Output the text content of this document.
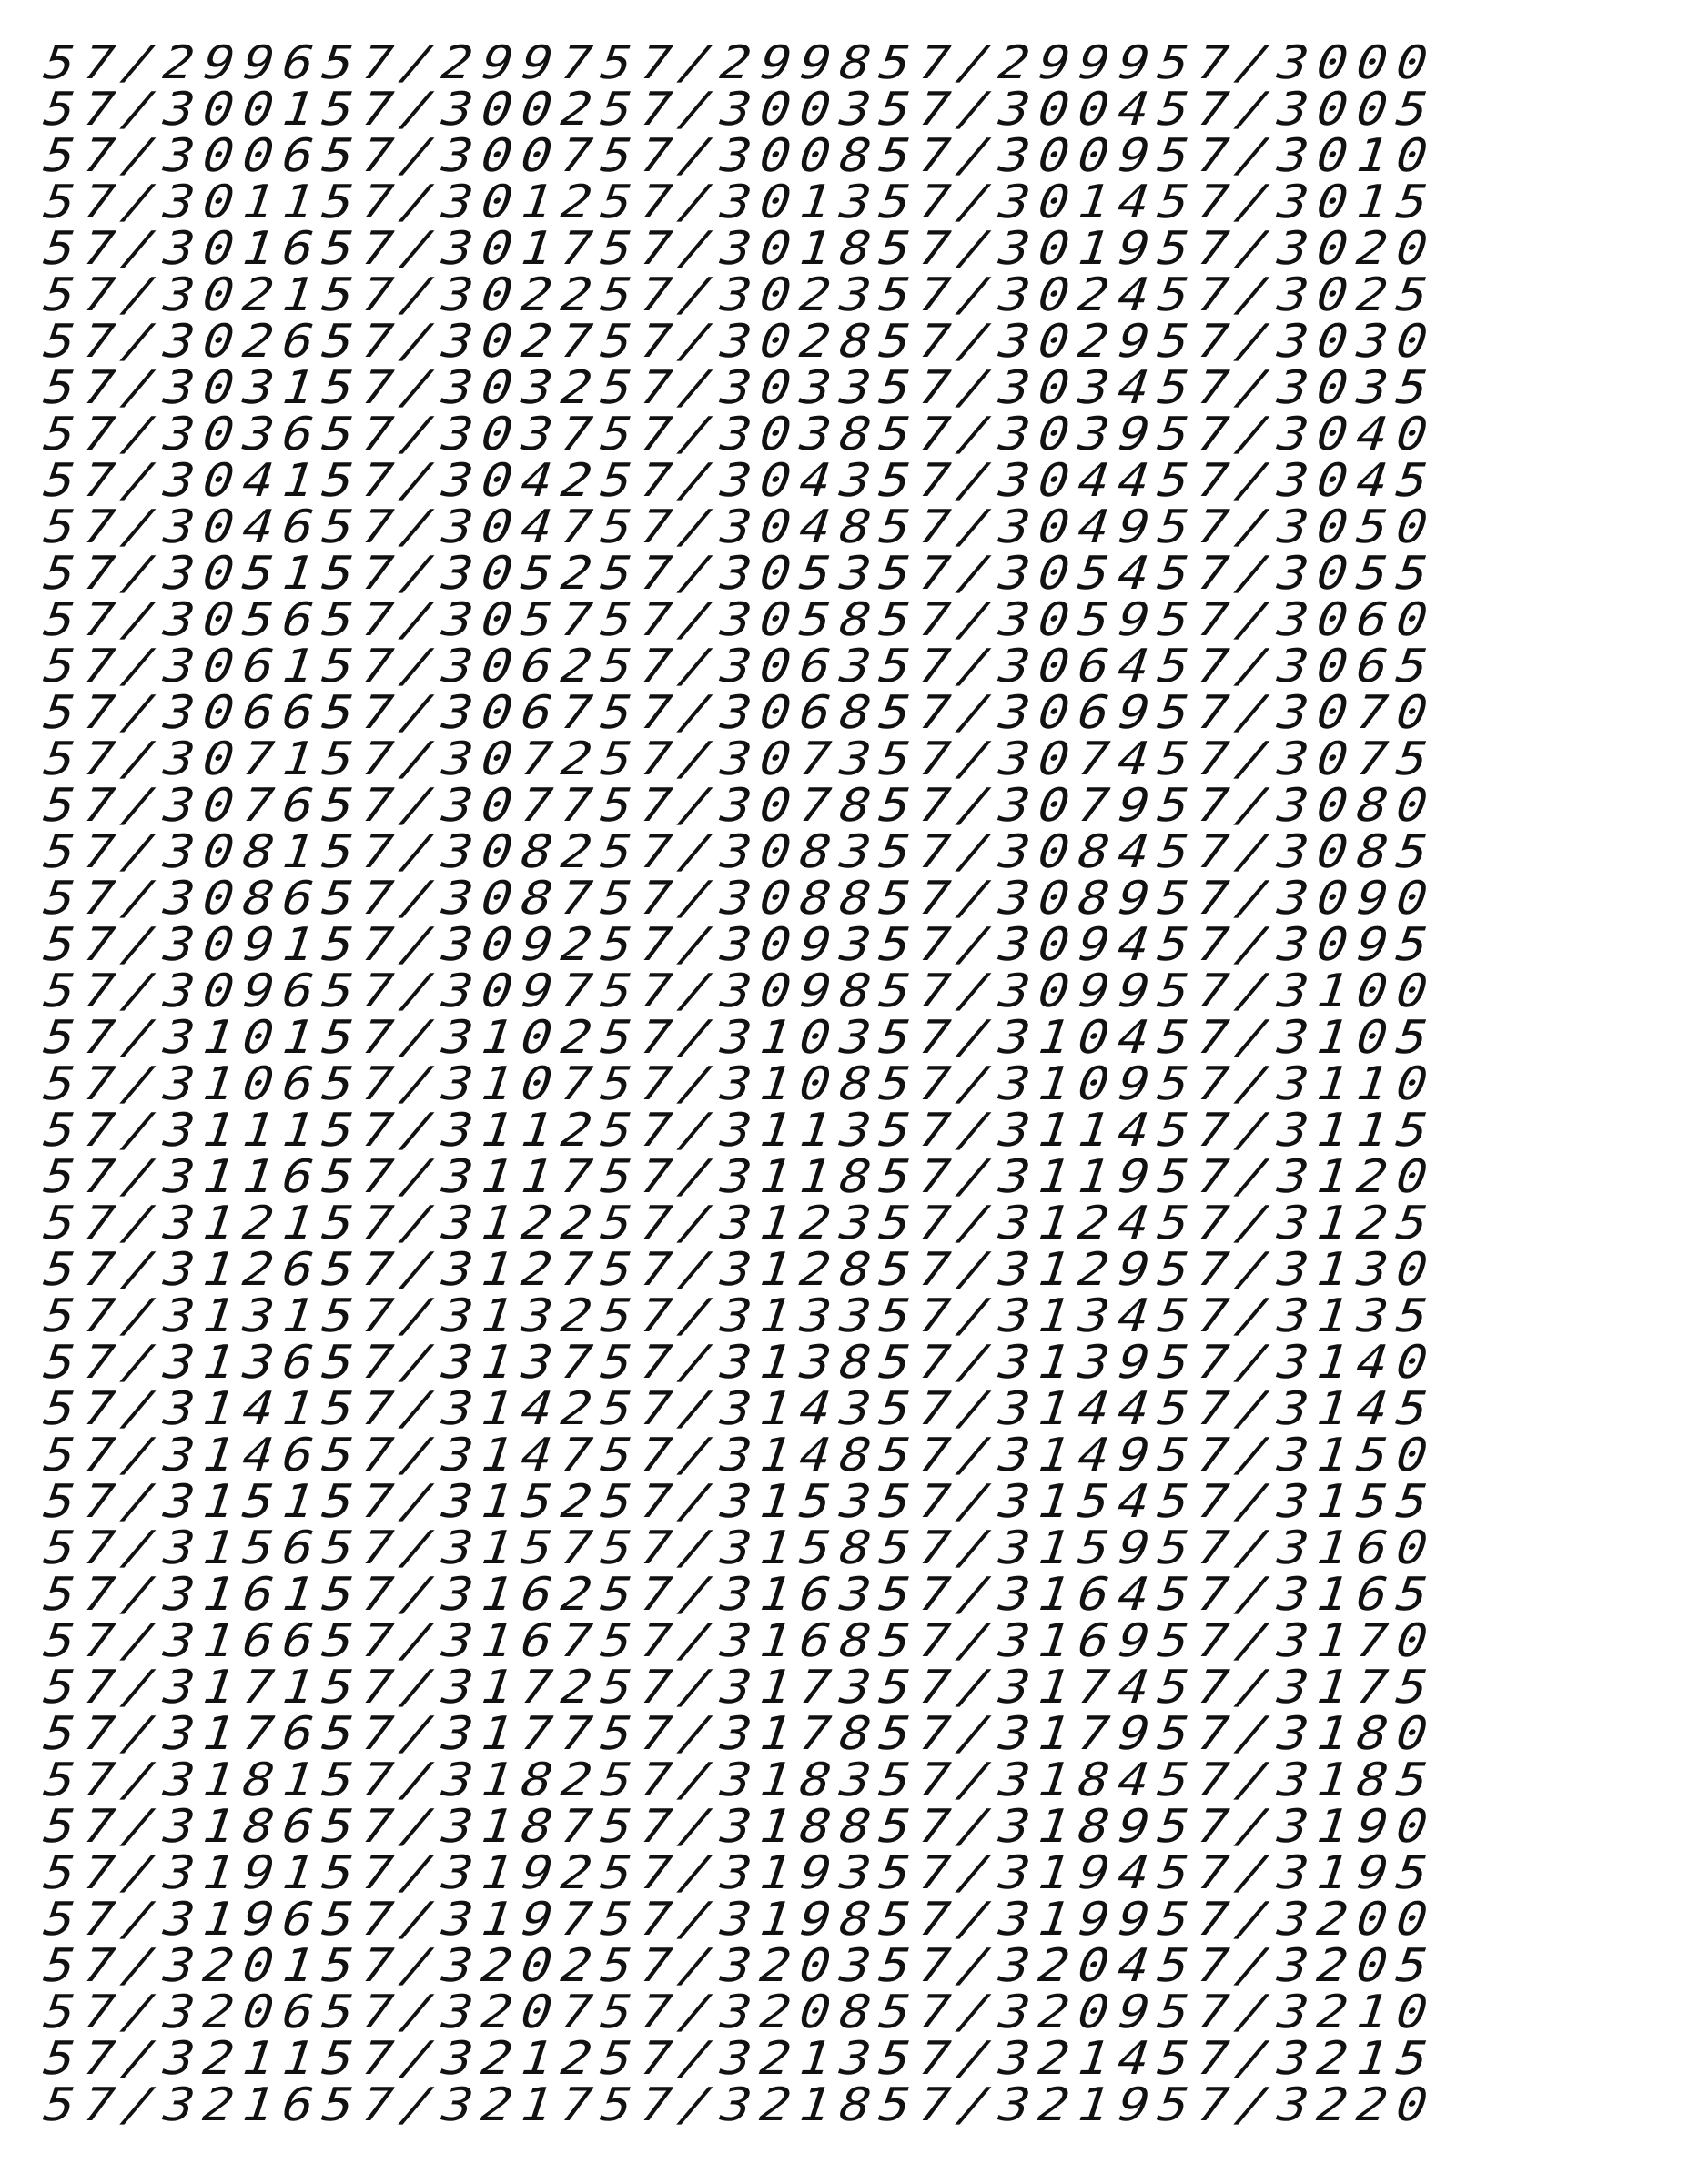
57/299657/299757/299857/299957/3000
57/300157/300257/300357/300457/3005
57/300657/300757/300857/300957/3010
57/301157/301257/301357/301457/3015
57/301657/301757/301857/301957/3020
57/302157/302257/302357/302457/3025
57/302657/302757/302857/302957/3030
57/303157/303257/303357/303457/3035
57/303657/303757/303857/303957/3040
57/304157/304257/304357/304457/3045
57/304657/304757/304857/304957/3050
57/305157/305257/305357/305457/3055
57/305657/305757/305857/305957/3060
57/306157/306257/306357/306457/3065
57/306657/306757/306857/306957/3070
57/307157/307257/307357/307457/3075
57/307657/307757/307857/307957/3080
57/308157/308257/308357/308457/3085
57/308657/308757/308857/308957/3090
57/309157/309257/309357/309457/3095
57/309657/309757/309857/309957/3100
57/310157/310257/310357/310457/3105
57/310657/310757/310857/310957/3110
57/311157/311257/311357/311457/3115
57/311657/311757/311857/311957/3120
57/312157/312257/312357/312457/3125
57/312657/312757/312857/312957/3130
57/313157/313257/313357/313457/3135
57/313657/313757/313857/313957/3140
57/314157/314257/314357/314457/3145
57/314657/314757/314857/314957/3150
57/315157/315257/315357/315457/3155
57/315657/315757/315857/315957/3160
57/316157/316257/316357/316457/3165
57/316657/316757/316857/316957/3170
57/317157/317257/317357/317457/3175
57/317657/317757/317857/317957/3180
57/318157/318257/318357/318457/3185
57/318657/318757/318857/318957/3190
57/319157/319257/319357/319457/3195
57/319657/319757/319857/319957/3200
57/320157/320257/320357/320457/3205
57/320657/320757/320857/320957/3210
57/321157/321257/321357/321457/3215
57/321657/321757/321857/321957/3220
